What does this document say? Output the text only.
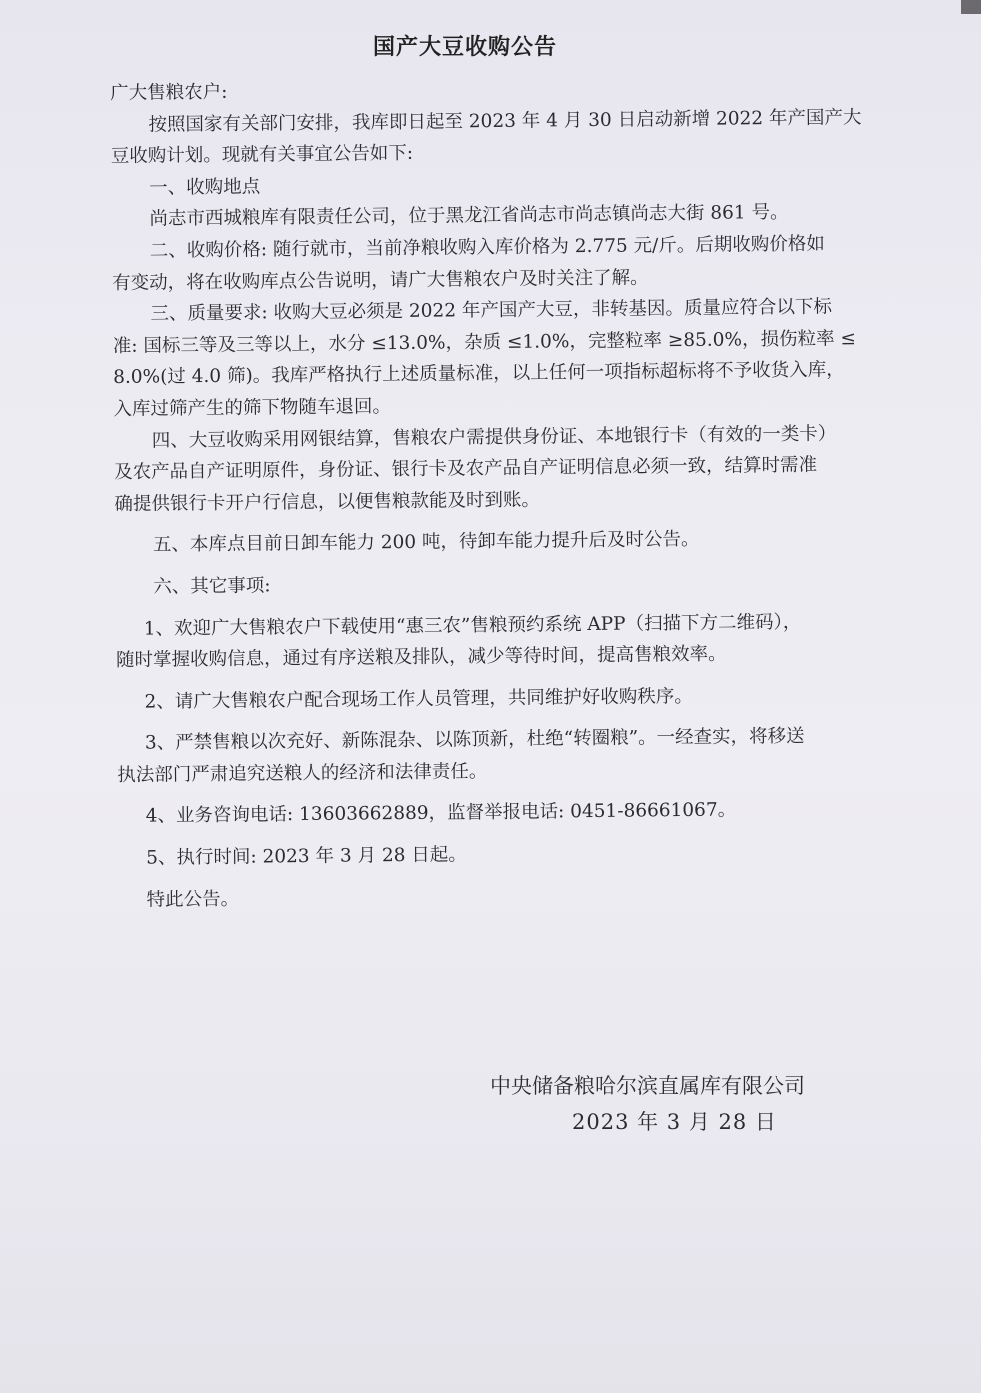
国产大豆收购公告
广大售粮农户:
按照国家有关部门安排，我库即日起至 2023 年 4 月 30 日启动新增 2022 年产国产大
豆收购计划。现就有关事宜公告如下:
一、收购地点
尚志市西城粮库有限责任公司，位于黑龙江省尚志市尚志镇尚志大街 861 号。
二、收购价格: 随行就市，当前净粮收购入库价格为 2.775 元/斤。后期收购价格如
有变动，将在收购库点公告说明，请广大售粮农户及时关注了解。
三、质量要求: 收购大豆必须是 2022 年产国产大豆，非转基因。质量应符合以下标
准: 国标三等及三等以上，水分 ≤13.0%，杂质 ≤1.0%，完整粒率 ≥85.0%，损伤粒率 ≤
8.0%(过 4.0 筛)。我库严格执行上述质量标准，以上任何一项指标超标将不予收货入库，
入库过筛产生的筛下物随车退回。
四、大豆收购采用网银结算，售粮农户需提供身份证、本地银行卡（有效的一类卡）
及农产品自产证明原件，身份证、银行卡及农产品自产证明信息必须一致，结算时需准
确提供银行卡开户行信息，以便售粮款能及时到账。
五、本库点目前日卸车能力 200 吨，待卸车能力提升后及时公告。
六、其它事项:
1、欢迎广大售粮农户下载使用“惠三农”售粮预约系统 APP（扫描下方二维码），
随时掌握收购信息，通过有序送粮及排队，减少等待时间，提高售粮效率。
2、请广大售粮农户配合现场工作人员管理，共同维护好收购秩序。
3、严禁售粮以次充好、新陈混杂、以陈顶新，杜绝“转圈粮”。一经查实，将移送
执法部门严肃追究送粮人的经济和法律责任。
4、业务咨询电话: 13603662889，监督举报电话: 0451-86661067。
5、执行时间: 2023 年 3 月 28 日起。
特此公告。
中央储备粮哈尔滨直属库有限公司
2023 年 3 月 28 日
